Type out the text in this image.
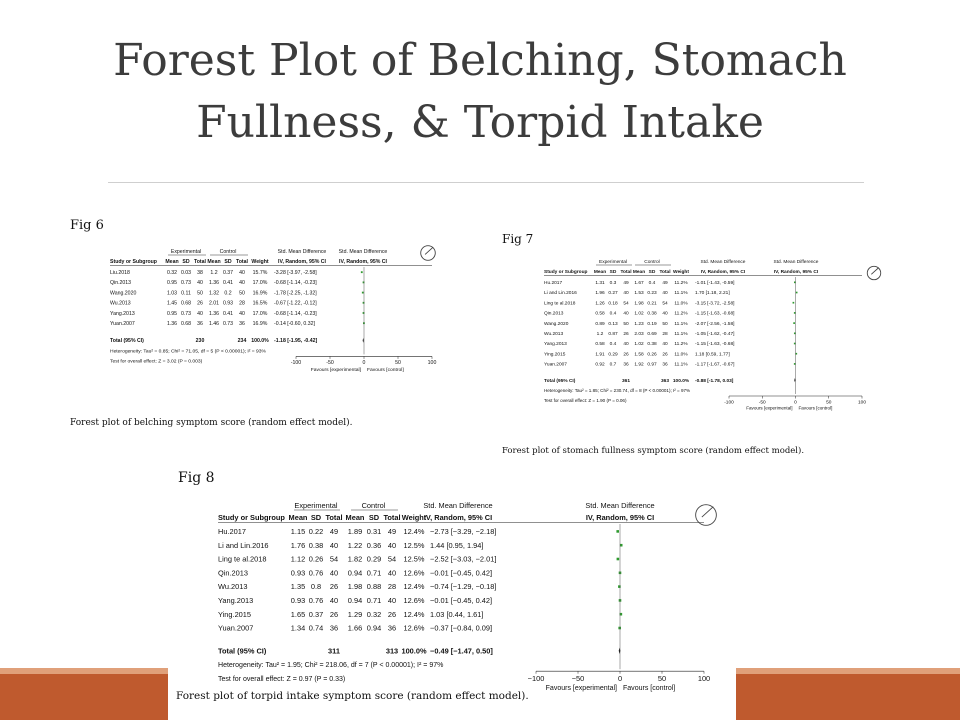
Forest Plot of Belching, Stomach
Fullness, & Torpid Intake
Fig 6
Experimental	Control	Std. Mean Difference Std. Mean Difference
Study or Subgroup Mean SD Total Mean SD Total Weight IV, Random, 95% CI	IV, Random, 95% CI
Liu.2018	0.32 0.03 38 1.2 0.37 40 15.7% -3.28 [-3.97, -2.58]
Qin.2013	0.95 0.73 40 1.36 0.41 40 17.0% -0.68 [-1.14, -0.23]
Wang.2020	1.03 0.11 50 1.32 0.2 50 16.9% -1.78 [-2.25, -1.32]
Wu.2013	1.45 0.68 26 2.01 0.93 28 16.5% -0.67 [-1.22, -0.12]
Yang.2013	0.95 0.73 40 1.36 0.41 40 17.0% -0.68 [-1.14, -0.23]
Yuan.2007	1.36 0.68 36 1.46 0.73 36 16.9% -0.14 [-0.60, 0.32]
Total (95% CI)	230	234 100.0% -1.18 [-1.95, -0.42]
Heterogeneity: Tau² = 0.85; Chi² = 71.05, df = 5 (P < 0.00001); I² = 93%
Test for overall effect: Z = 3.02 (P = 0.003)	-100	-50	0	50	100
Favours [experimental] Favours [control]
Forest plot of belching symptom score (random effect model).
Fig 7
Experimental	Control	Std. Mean Difference	Std. Mean Difference
Study or Subgroup Mean SD Total Mean SD Total Weight IV, Random, 95% CI	IV, Random, 95% CI
Hu.2017	1.31 0.3 49 1.67 0.4 49 11.2% -1.01 [-1.43, -0.59]
Li and Lin.2016	1.96 0.27 40 1.53 0.23 40 11.1% 1.70 [1.18, 2.21]
Ling te al.2018	1.26 0.18 54 1.98 0.21 54 11.0% -3.15 [-3.72, -2.58]
Qin.2013	0.58 0.4 40 1.02 0.38 40 11.2% -1.15 [-1.63, -0.68]
Wang.2020	0.89 0.13 50 1.23 0.19 50 11.1% -2.07 [-2.56, -1.58]
Wu.2013	1.2 0.87 26 2.03 0.69 28 11.1% -1.05 [-1.62, -0.47]
Yang.2013	0.58 0.4 40 1.02 0.38 40 11.2% -1.15 [-1.63, -0.68]
Ying.2015	1.91 0.29 26 1.58 0.26 26 11.0% 1.18 [0.59, 1.77]
Yuan.2007	0.92 0.7 36 1.92 0.97 36 11.1% -1.17 [-1.67, -0.67]
Total (95% CI)	361	363 100.0% -0.88 [-1.78, 0.03]
Heterogeneity: Tau² = 1.85; Chi² = 230.74, df = 8 (P < 0.00001); I² = 97%
Test for overall effect: Z = 1.90 (P = 0.06)	-100	-50	0	50	100
Favours [experimental] Favours [control]
Forest plot of stomach fullness symptom score (random effect model).
Fig 8
Experimental	Control	Std. Mean Difference	Std. Mean Difference
Study or Subgroup Mean SD Total Mean SD Total Weight
IV, Random, 95% CI	IV, Random, 95% CI
Hu.2017	1.15 0.22 49 1.89 0.31 49 12.4% −2.73 [−3.29, −2.18]
Li and Lin.2016	1.76 0.38 40 1.22 0.36 40 12.5% 1.44 [0.95, 1.94]
Ling te al.2018	1.12 0.26 54 1.82 0.29 54 12.5% −2.52 [−3.03, −2.01]
Qin.2013	0.93 0.76 40 0.94 0.71 40 12.6% −0.01 [−0.45, 0.42]
Wu.2013	1.35 0.8 26 1.98 0.88 28 12.4% −0.74 [−1.29, −0.18]
Yang.2013	0.93 0.76 40 0.94 0.71 40 12.6% −0.01 [−0.45, 0.42]
Ying.2015	1.65 0.37 26 1.29 0.32 26 12.4% 1.03 [0.44, 1.61]
Yuan.2007	1.34 0.74 36 1.66 0.94 36 12.6% −0.37 [−0.84, 0.09]
Total (95% CI)	311	313 100.0% −0.49 [−1.47, 0.50]
Heterogeneity: Tau² = 1.95; Chi² = 218.06, df = 7 (P < 0.00001); I² = 97%
Test for overall effect: Z = 0.97 (P = 0.33)	−100	−50	0	50	100
Favours [experimental] Favours [control]
Forest plot of torpid intake symptom score (random effect model).
